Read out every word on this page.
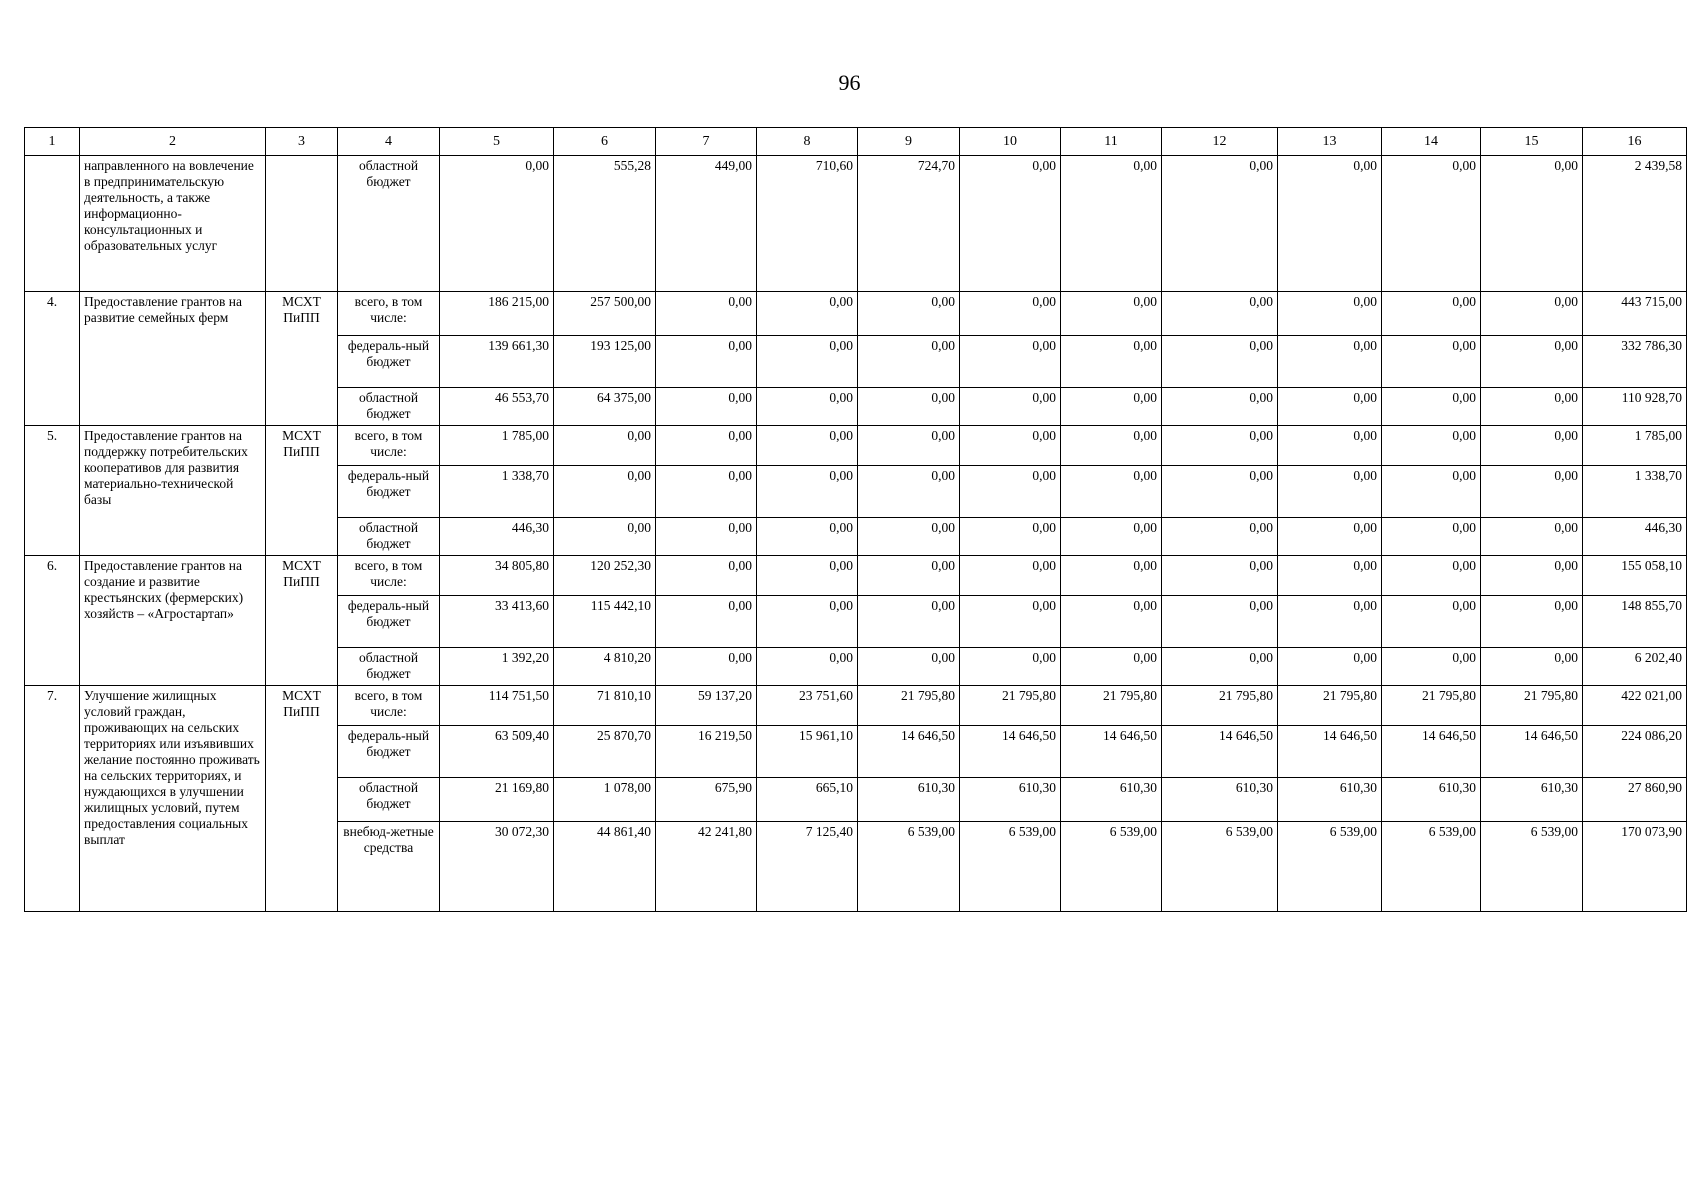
96
1	2	3	4	5	6	7	8	9	10	11	12	13	14	15	16
	направленного на вовлечение в предпринимательскую деятельность, а также информационно-консультационных и образовательных услуг		областной бюджет	0,00	555,28	449,00	710,60	724,70	0,00	0,00	0,00	0,00	0,00	0,00	2 439,58
4.	Предоставление грантов на развитие семейных ферм	МСХТ ПиПП	всего, в том числе:	186 215,00	257 500,00	0,00	0,00	0,00	0,00	0,00	0,00	0,00	0,00	0,00	443 715,00
			федераль-ный бюджет	139 661,30	193 125,00	0,00	0,00	0,00	0,00	0,00	0,00	0,00	0,00	0,00	332 786,30
			областной бюджет	46 553,70	64 375,00	0,00	0,00	0,00	0,00	0,00	0,00	0,00	0,00	0,00	110 928,70
5.	Предоставление грантов на поддержку потребительских кооперативов для развития материально-технической базы	МСХТ ПиПП	всего, в том числе:	1 785,00	0,00	0,00	0,00	0,00	0,00	0,00	0,00	0,00	0,00	0,00	1 785,00
			федераль-ный бюджет	1 338,70	0,00	0,00	0,00	0,00	0,00	0,00	0,00	0,00	0,00	0,00	1 338,70
			областной бюджет	446,30	0,00	0,00	0,00	0,00	0,00	0,00	0,00	0,00	0,00	0,00	446,30
6.	Предоставление грантов на создание и развитие крестьянских (фермерских) хозяйств – «Агростартап»	МСХТ ПиПП	всего, в том числе:	34 805,80	120 252,30	0,00	0,00	0,00	0,00	0,00	0,00	0,00	0,00	0,00	155 058,10
			федераль-ный бюджет	33 413,60	115 442,10	0,00	0,00	0,00	0,00	0,00	0,00	0,00	0,00	0,00	148 855,70
			областной бюджет	1 392,20	4 810,20	0,00	0,00	0,00	0,00	0,00	0,00	0,00	0,00	0,00	6 202,40
7.	Улучшение жилищных условий граждан, проживающих на сельских территориях или изъявивших желание постоянно проживать на сельских территориях, и нуждающихся в улучшении жилищных условий, путем предоставления социальных выплат	МСХТ ПиПП	всего, в том числе:	114 751,50	71 810,10	59 137,20	23 751,60	21 795,80	21 795,80	21 795,80	21 795,80	21 795,80	21 795,80	21 795,80	422 021,00
			федераль-ный бюджет	63 509,40	25 870,70	16 219,50	15 961,10	14 646,50	14 646,50	14 646,50	14 646,50	14 646,50	14 646,50	14 646,50	224 086,20
			областной бюджет	21 169,80	1 078,00	675,90	665,10	610,30	610,30	610,30	610,30	610,30	610,30	610,30	27 860,90
			внебюд-жетные средства	30 072,30	44 861,40	42 241,80	7 125,40	6 539,00	6 539,00	6 539,00	6 539,00	6 539,00	6 539,00	6 539,00	170 073,90
